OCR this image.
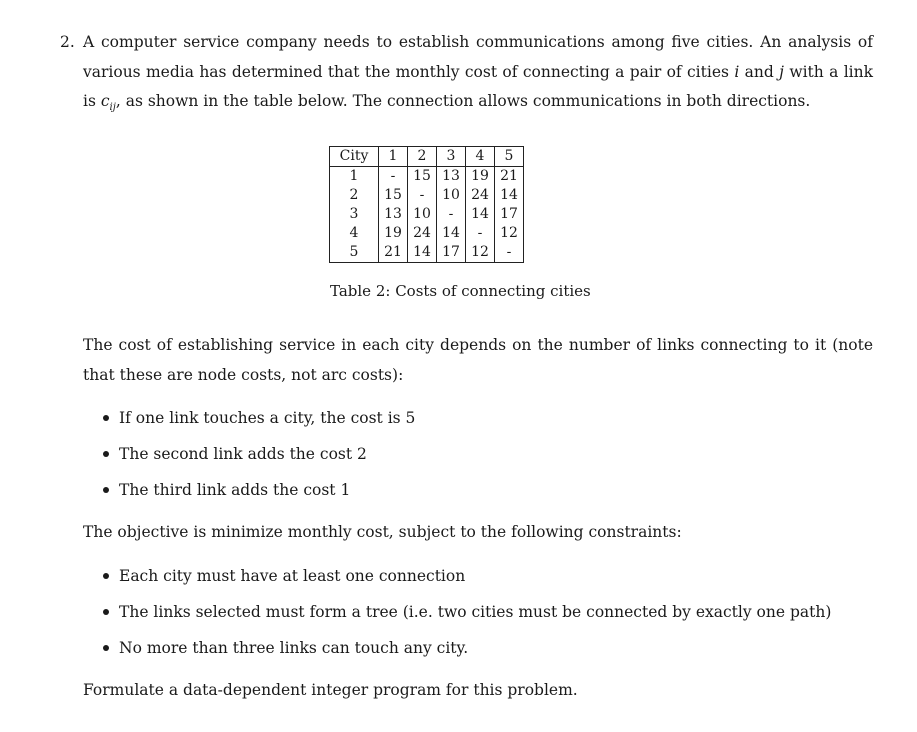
2. A computer service company needs to establish communications among five cities. An analysis of various media has determined that the monthly cost of connecting a pair of cities i and j with a link is $c_{ij}$, as shown in the table below. The connection allows communications in both directions.

City	1	2	3	4	5
1	-	15	13	19	21
2	15	-	10	24	14
3	13	10	-	14	17
4	19	24	14	-	12
5	21	14	17	12	-
Table 2: Costs of connecting cities

The cost of establishing service in each city depends on the number of links connecting to it (note that these are node costs, not arc costs):

If one link touches a city, the cost is 5
The second link adds the cost 2
The third link adds the cost 1

The objective is minimize monthly cost, subject to the following constraints:

Each city must have at least one connection
The links selected must form a tree (i.e. two cities must be connected by exactly one path)
No more than three links can touch any city.

Formulate a data-dependent integer program for this problem.
